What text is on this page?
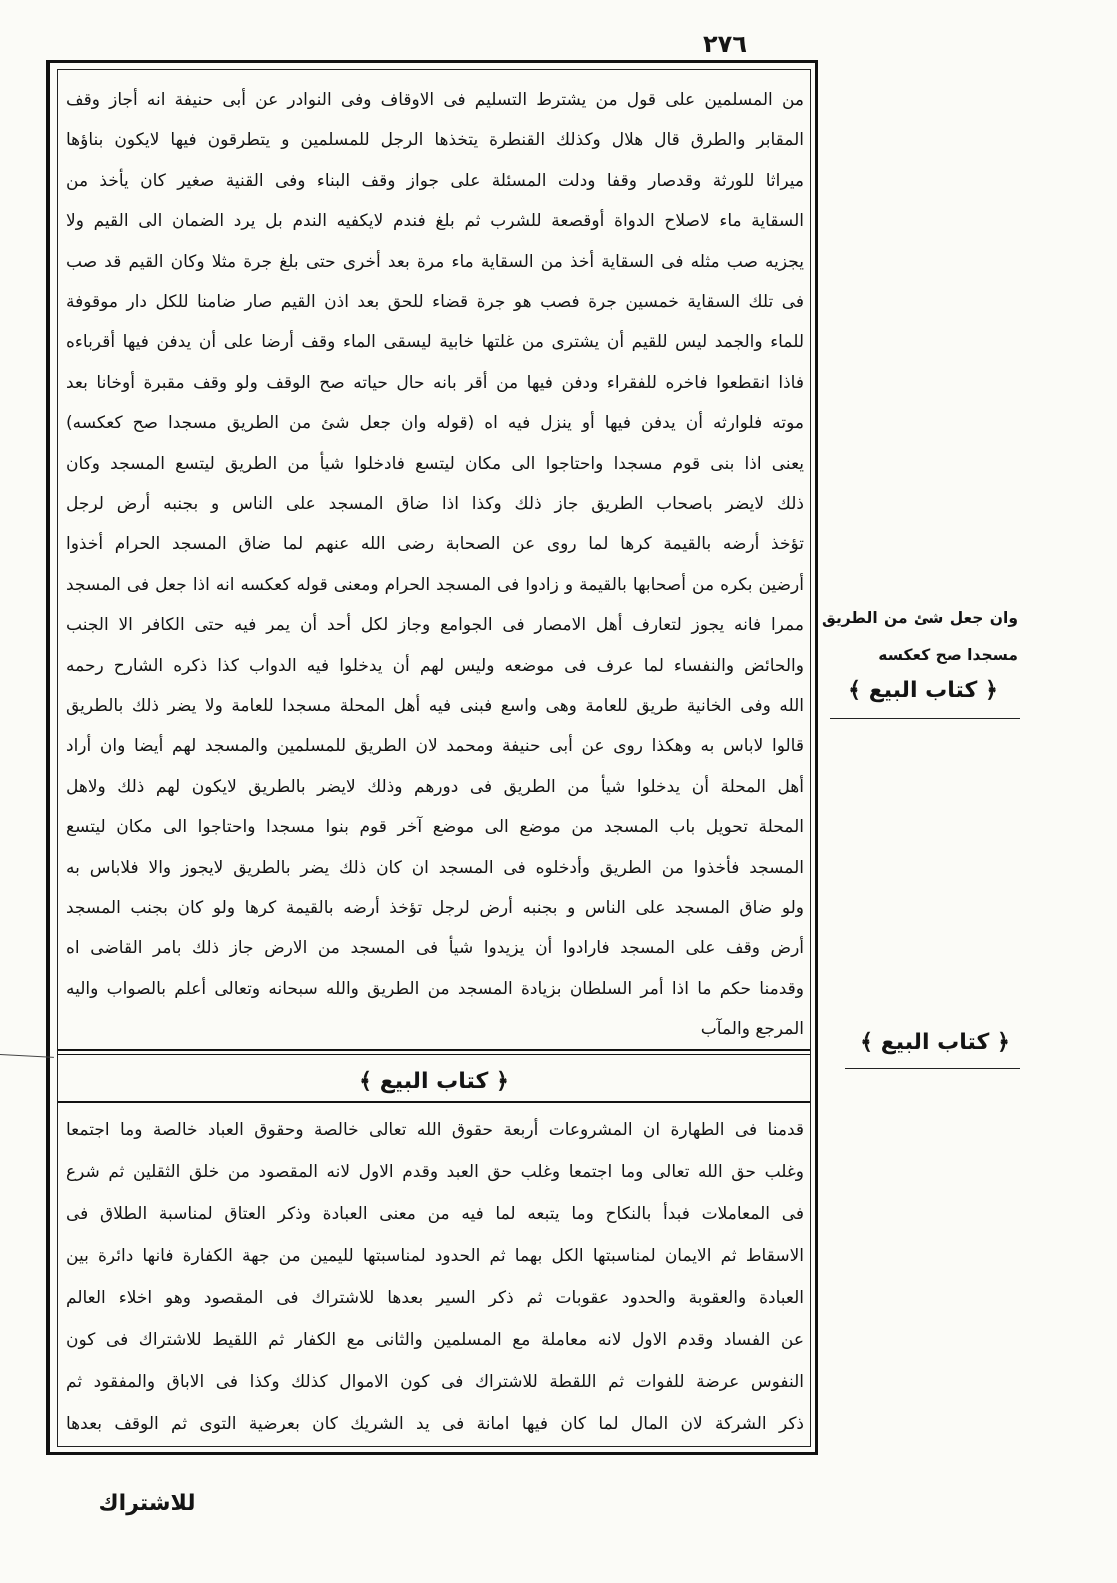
٢٧٦
من المسلمين على قول من يشترط التسليم فى الاوقاف وفى النوادر عن أبى حنيفة انه أجاز وقف
المقابر والطرق قال هلال وكذلك القنطرة يتخذها الرجل للمسلمين و يتطرقون فيها لايكون بناؤها
ميراثا للورثة وقدصار وقفا ودلت المسئلة على جواز وقف البناء وفى القنية صغير كان يأخذ من
السقاية ماء لاصلاح الدواة أوقصعة للشرب ثم بلغ فندم لايكفيه الندم بل يرد الضمان الى القيم ولا
يجزيه صب مثله فى السقاية أخذ من السقاية ماء مرة بعد أخرى حتى بلغ جرة مثلا وكان القيم قد صب
فى تلك السقاية خمسين جرة فصب هو جرة قضاء للحق بعد اذن القيم صار ضامنا للكل دار موقوفة
للماء والجمد ليس للقيم أن يشترى من غلتها خابية ليسقى الماء وقف أرضا على أن يدفن فيها أقرباءه
فاذا انقطعوا فاخره للفقراء ودفن فيها من أقر بانه حال حياته صح الوقف ولو وقف مقبرة أوخانا بعد
موته فلوارثه أن يدفن فيها أو ينزل فيه اه (قوله وان جعل شئ من الطريق مسجدا صح كعكسه)
يعنى اذا بنى قوم مسجدا واحتاجوا الى مكان ليتسع فادخلوا شيأ من الطريق ليتسع المسجد وكان
ذلك لايضر باصحاب الطريق جاز ذلك وكذا اذا ضاق المسجد على الناس و بجنبه أرض لرجل
تؤخذ أرضه بالقيمة كرها لما روى عن الصحابة رضى الله عنهم لما ضاق المسجد الحرام أخذوا
أرضين بكره من أصحابها بالقيمة و زادوا فى المسجد الحرام ومعنى قوله كعكسه انه اذا جعل فى المسجد
ممرا فانه يجوز لتعارف أهل الامصار فى الجوامع وجاز لكل أحد أن يمر فيه حتى الكافر الا الجنب
والحائض والنفساء لما عرف فى موضعه وليس لهم أن يدخلوا فيه الدواب كذا ذكره الشارح رحمه
الله وفى الخانية طريق للعامة وهى واسع فبنى فيه أهل المحلة مسجدا للعامة ولا يضر ذلك بالطريق
قالوا لاباس به وهكذا روى عن أبى حنيفة ومحمد لان الطريق للمسلمين والمسجد لهم أيضا وان أراد
أهل المحلة أن يدخلوا شيأ من الطريق فى دورهم وذلك لايضر بالطريق لايكون لهم ذلك ولاهل
المحلة تحويل باب المسجد من موضع الى موضع آخر قوم بنوا مسجدا واحتاجوا الى مكان ليتسع
المسجد فأخذوا من الطريق وأدخلوه فى المسجد ان كان ذلك يضر بالطريق لايجوز والا فلاباس به
ولو ضاق المسجد على الناس و بجنبه أرض لرجل تؤخذ أرضه بالقيمة كرها ولو كان بجنب المسجد
أرض وقف على المسجد فارادوا أن يزيدوا شيأ فى المسجد من الارض جاز ذلك بامر القاضى اه
وقدمنا حكم ما اذا أمر السلطان بزيادة المسجد من الطريق والله سبحانه وتعالى أعلم بالصواب واليه
المرجع والمآب
﴿ كتاب البيع ﴾
قدمنا فى الطهارة ان المشروعات أربعة حقوق الله تعالى خالصة وحقوق العباد خالصة وما اجتمعا
وغلب حق الله تعالى وما اجتمعا وغلب حق العبد وقدم الاول لانه المقصود من خلق الثقلين ثم شرع
فى المعاملات فبدأ بالنكاح وما يتبعه لما فيه من معنى العبادة وذكر العتاق لمناسبة الطلاق فى
الاسقاط ثم الايمان لمناسبتها الكل بهما ثم الحدود لمناسبتها لليمين من جهة الكفارة فانها دائرة بين
العبادة والعقوبة والحدود عقوبات ثم ذكر السير بعدها للاشتراك فى المقصود وهو اخلاء العالم
عن الفساد وقدم الاول لانه معاملة مع المسلمين والثانى مع الكفار ثم اللقيط للاشتراك فى كون
النفوس عرضة للفوات ثم اللقطة للاشتراك فى كون الاموال كذلك وكذا فى الاباق والمفقود ثم
ذكر الشركة لان المال لما كان فيها امانة فى يد الشريك كان بعرضية التوى ثم الوقف بعدها
وان جعل شئ من الطريق
مسجدا صح كعكسه
﴿ كتاب البيع ﴾
﴿ كتاب البيع ﴾
للاشتراك
